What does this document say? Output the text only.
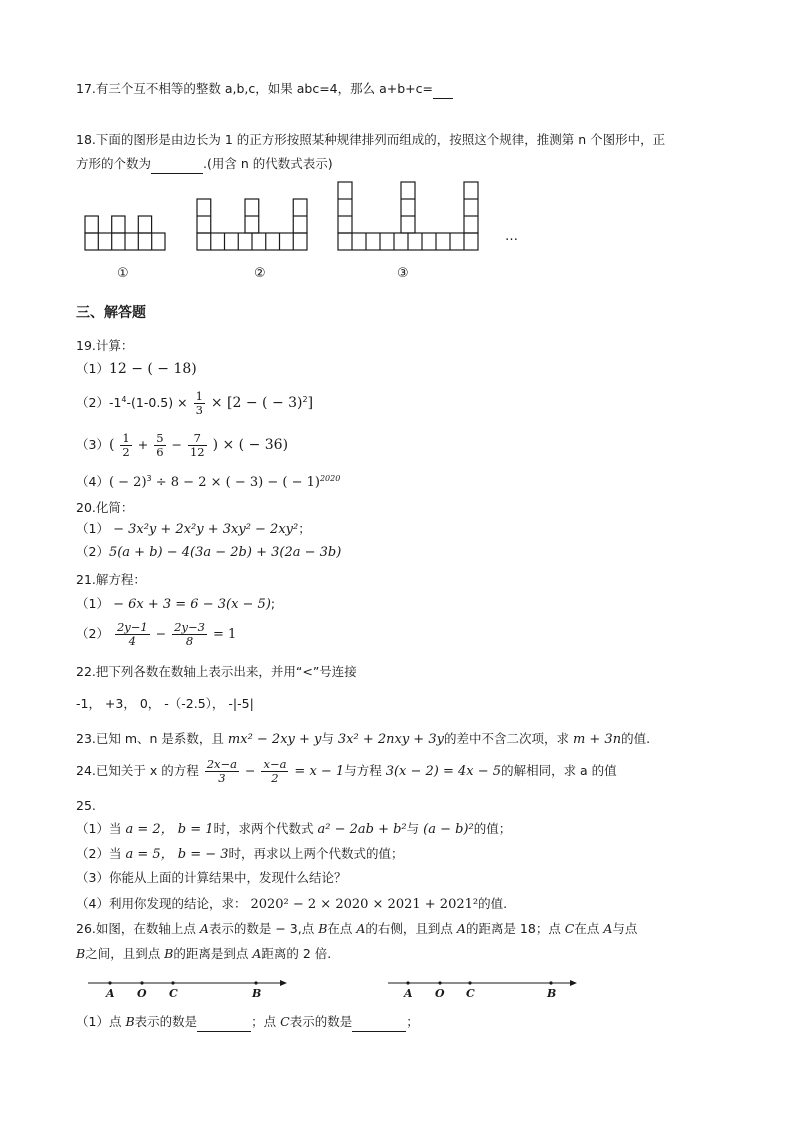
17.有三个互不相等的整数 a,b,c，如果 abc=4，那么 a+b+c=
18.下面的图形是由边长为 1 的正方形按照某种规律排列而组成的，按照这个规律，推测第 n 个图形中，正
方形的个数为	.(用含 n 的代数式表示)
…
①	②	③
三、解答题
19.计算：
（1）12 − ( − 18)
$(2)-1^4-(1-0.5) \times \frac{1}{3} \times [2$ − ( − 3)$^2$]
$(3)( \frac{1}{2} + \frac{5}{6} - \frac{7}{12}$ ) × ( − 36)
$(4)( - 2)^3 \div 8 - 2$ × ( − 3) − ( − 1)$^{2020}$
20.化简：
（1） − 3x²y + 2x²y + 3xy² − 2xy²；
（2）5(a + b) − 4(3a − 2b) + 3(2a − 3b)
21.解方程：
（1） − 6x + 3 = 6 − 3(x − 5);
$(2) \frac{2y-1}{4} - \frac{2y-3}{8} = 1$
22.把下列各数在数轴上表示出来，并用“<”号连接
-1， +3， 0， -（-2.5）， -|-5|
23.已知 m、n 是系数，且 mx² − 2xy + y与 3x² + 2nxy + 3y的差中不含二次项，求 m + 3n的值.
24.已知关于 x 的方程 $\frac{2x-a}{3} - \frac{x-a}{2} = x - 1$与方程 3(x − 2) = 4x − 5的解相同，求 a 的值
25.
（1）当 a = 2， b = 1时，求两个代数式 a² − 2ab + b²与 (a − b)²的值；
（2）当 a = 5， b = − 3时，再求以上两个代数式的值；
（3）你能从上面的计算结果中，发现什么结论？
（4）利用你发现的结论，求： 2020² − 2 × 2020 × 2021 + 2021²的值.
26.如图，在数轴上点 A表示的数是 − 3,点 B在点 A的右侧，且到点 A的距离是 18；点 C在点 A与点
B之间，且到点 B的距离是到点 A距离的 2 倍.
A O C	B	A O C	B
（1）点 B表示的数是	；点 C表示的数是	；
